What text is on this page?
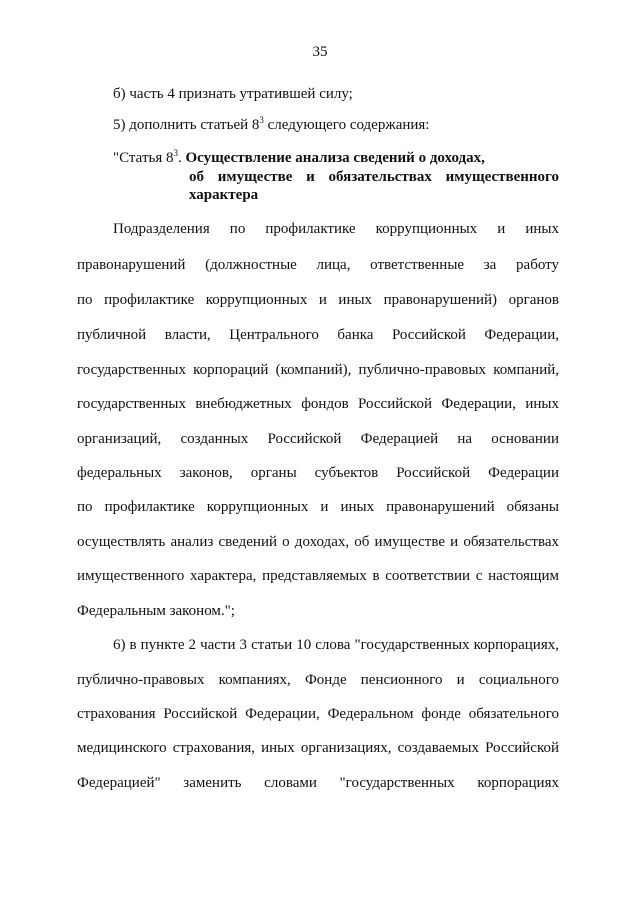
35
б) часть 4 признать утратившей силу;
5) дополнить статьей $8^3$ следующего содержания:
"Статья $8^3$. Осуществление анализа сведений о доходах,
об имуществе и обязательствах имущественного
характера
Подразделения по профилактике коррупционных и иных
правонарушений (должностные лица, ответственные за работу
по профилактике коррупционных и иных правонарушений) органов
публичной власти, Центрального банка Российской Федерации,
государственных корпораций (компаний), публично-правовых компаний,
государственных внебюджетных фондов Российской Федерации, иных
организаций, созданных Российской Федерацией на основании
федеральных законов, органы субъектов Российской Федерации
по профилактике коррупционных и иных правонарушений обязаны
осуществлять анализ сведений о доходах, об имуществе и обязательствах
имущественного характера, представляемых в соответствии с настоящим
Федеральным законом.";
6) в пункте 2 части 3 статьи 10 слова "государственных корпорациях,
публично-правовых компаниях, Фонде пенсионного и социального
страхования Российской Федерации, Федеральном фонде обязательного
медицинского страхования, иных организациях, создаваемых Российской
Федерацией" заменить словами "государственных корпорациях
